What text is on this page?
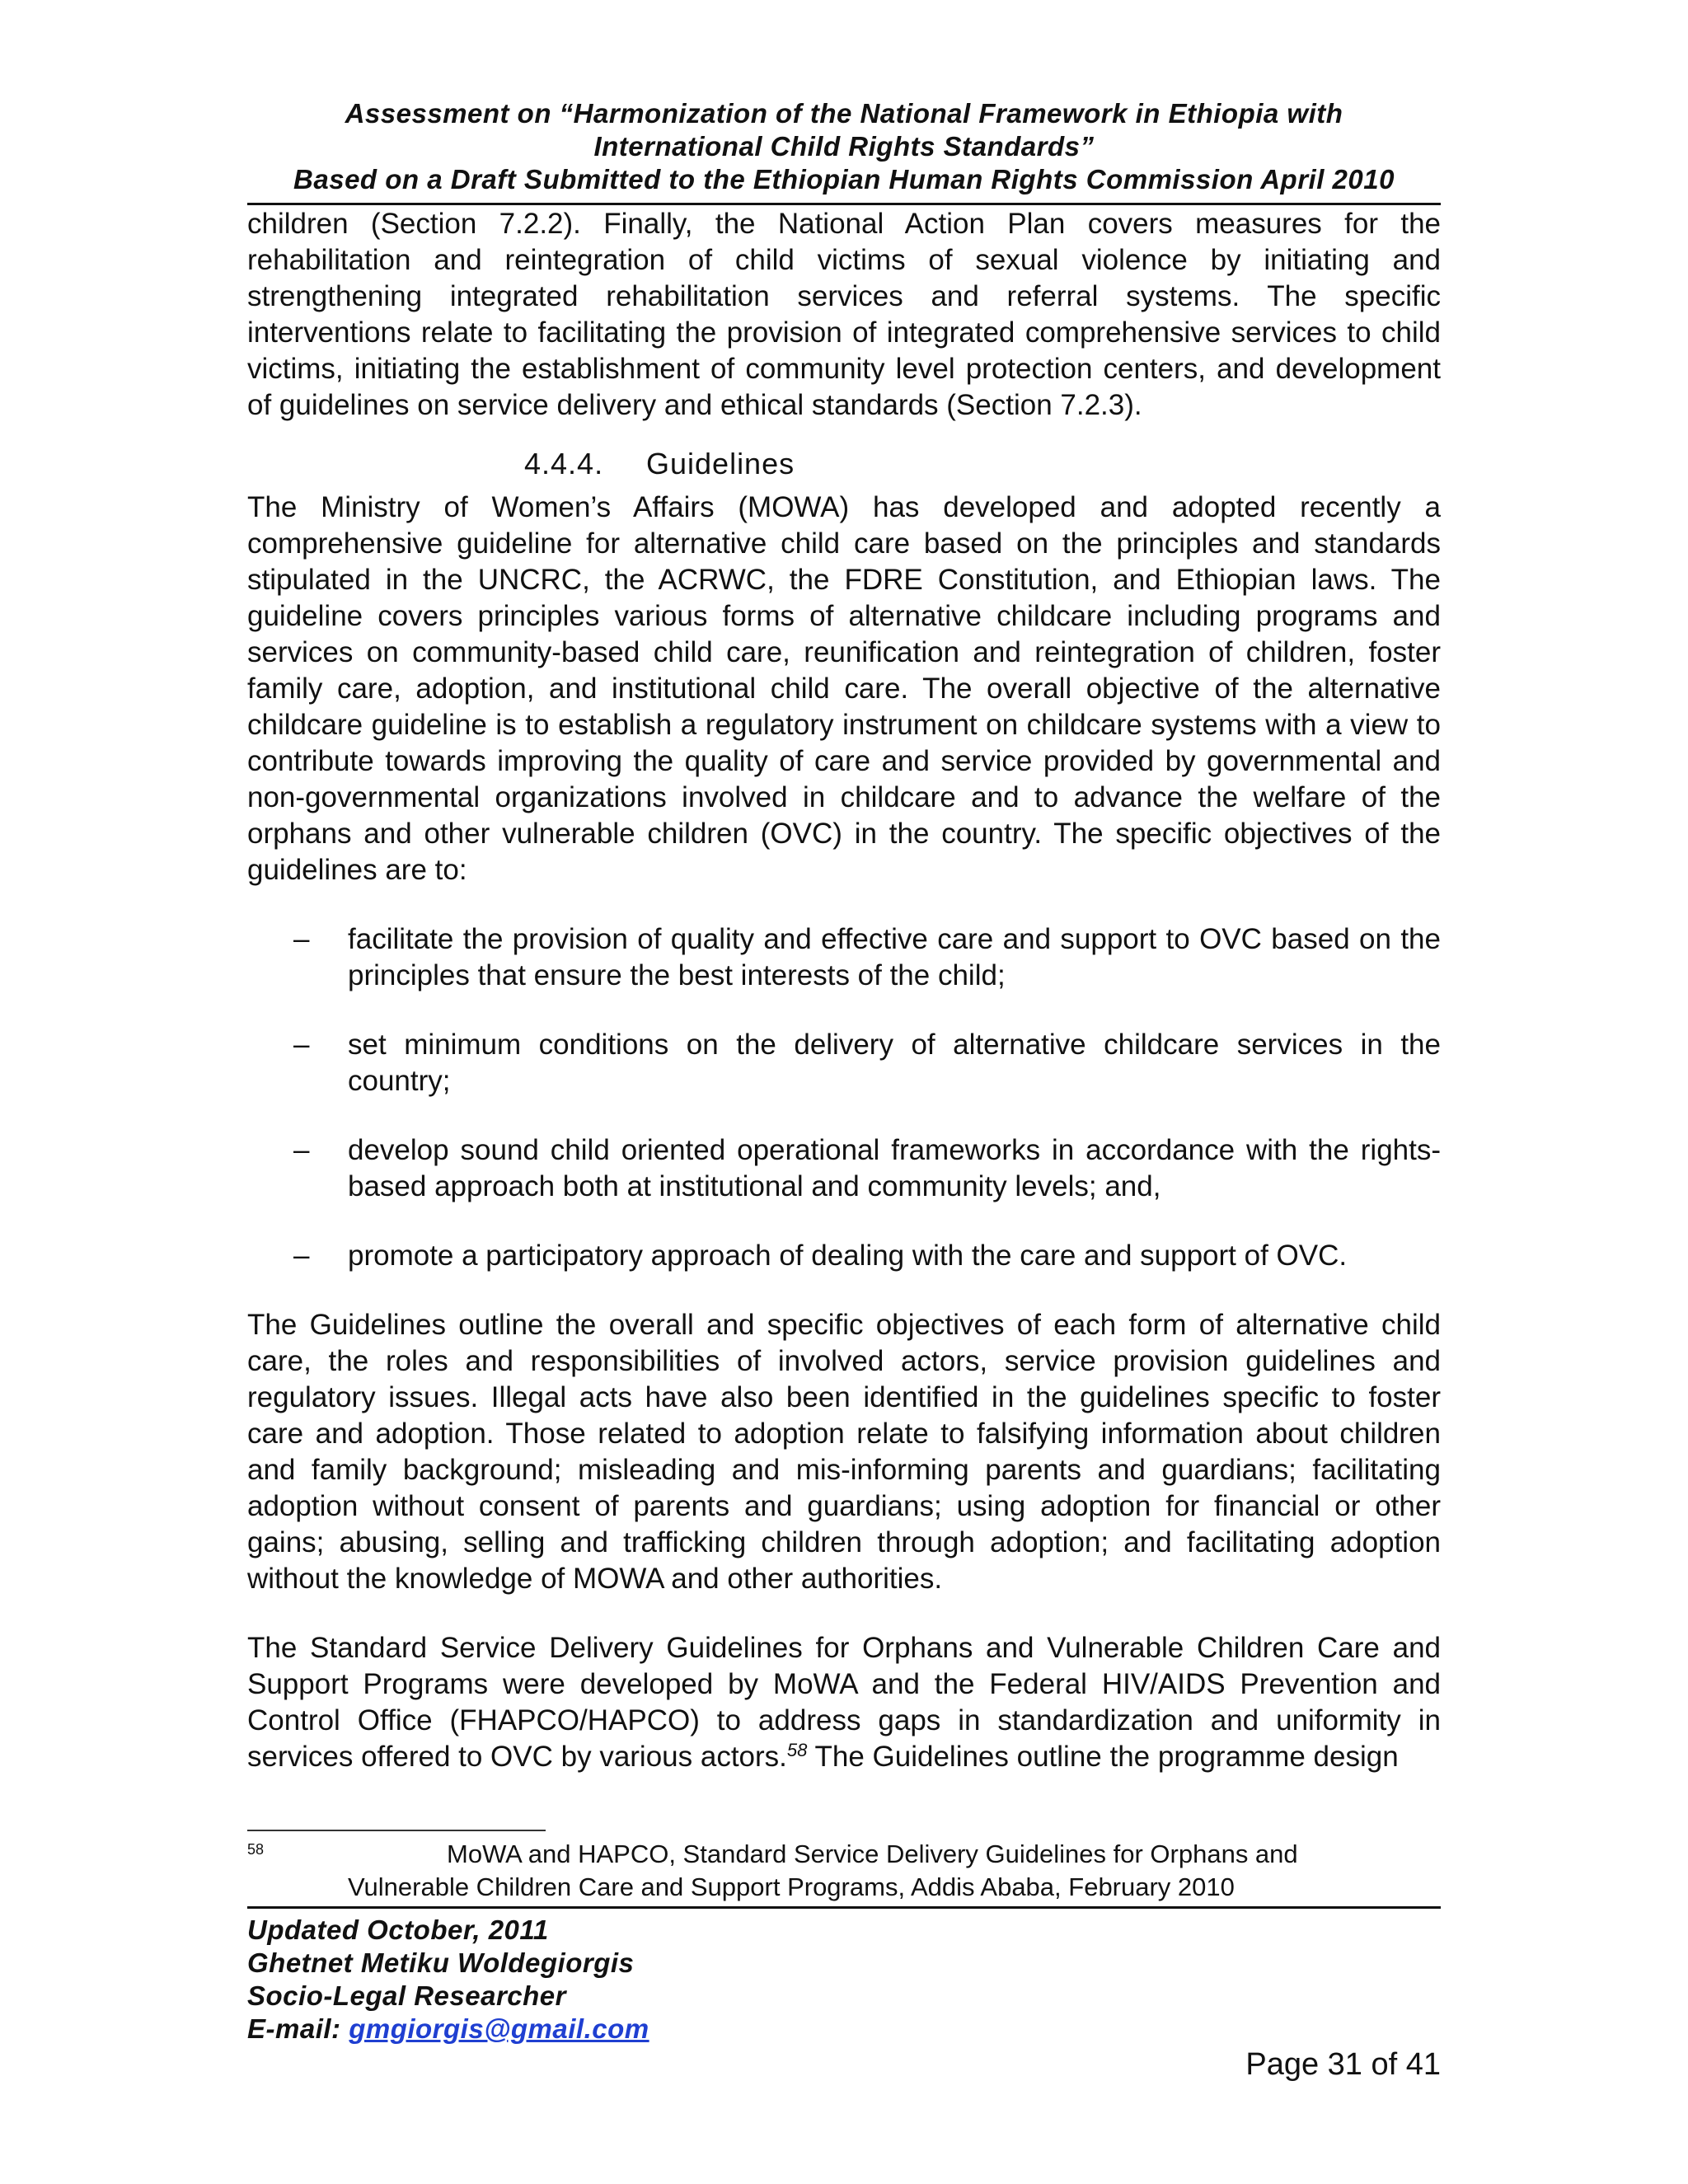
Assessment on “Harmonization of the National Framework in Ethiopia with
International Child Rights Standards”
Based on a Draft Submitted to the Ethiopian Human Rights Commission April 2010

children (Section 7.2.2). Finally, the National Action Plan covers measures for the rehabilitation and reintegration of child victims of sexual violence by initiating and strengthening integrated rehabilitation services and referral systems. The specific interventions relate to facilitating the provision of integrated comprehensive services to child victims, initiating the establishment of community level protection centers, and development of guidelines on service delivery and ethical standards (Section 7.2.3).

4.4.4. Guidelines

The Ministry of Women’s Affairs (MOWA) has developed and adopted recently a comprehensive guideline for alternative child care based on the principles and standards stipulated in the UNCRC, the ACRWC, the FDRE Constitution, and Ethiopian laws. The guideline covers principles various forms of alternative childcare including programs and services on community-based child care, reunification and reintegration of children, foster family care, adoption, and institutional child care. The overall objective of the alternative childcare guideline is to establish a regulatory instrument on childcare systems with a view to contribute towards improving the quality of care and service provided by governmental and non-governmental organizations involved in childcare and to advance the welfare of the orphans and other vulnerable children (OVC) in the country. The specific objectives of the guidelines are to:

– facilitate the provision of quality and effective care and support to OVC based on the principles that ensure the best interests of the child;
– set minimum conditions on the delivery of alternative childcare services in the country;
– develop sound child oriented operational frameworks in accordance with the rights-based approach both at institutional and community levels; and,
– promote a participatory approach of dealing with the care and support of OVC.

The Guidelines outline the overall and specific objectives of each form of alternative child care, the roles and responsibilities of involved actors, service provision guidelines and regulatory issues. Illegal acts have also been identified in the guidelines specific to foster care and adoption. Those related to adoption relate to falsifying information about children and family background; misleading and mis-informing parents and guardians; facilitating adoption without consent of parents and guardians; using adoption for financial or other gains; abusing, selling and trafficking children through adoption; and facilitating adoption without the knowledge of MOWA and other authorities.

The Standard Service Delivery Guidelines for Orphans and Vulnerable Children Care and Support Programs were developed by MoWA and the Federal HIV/AIDS Prevention and Control Office (FHAPCO/HAPCO) to address gaps in standardization and uniformity in services offered to OVC by various actors.$^{58}$ The Guidelines outline the programme design

58	MoWA and HAPCO, Standard Service Delivery Guidelines for Orphans and
Vulnerable Children Care and Support Programs, Addis Ababa, February 2010
Updated October, 2011
Ghetnet Metiku Woldegiorgis
Socio-Legal Researcher
E-mail: gmgiorgis@gmail.com
Page 31 of 41
